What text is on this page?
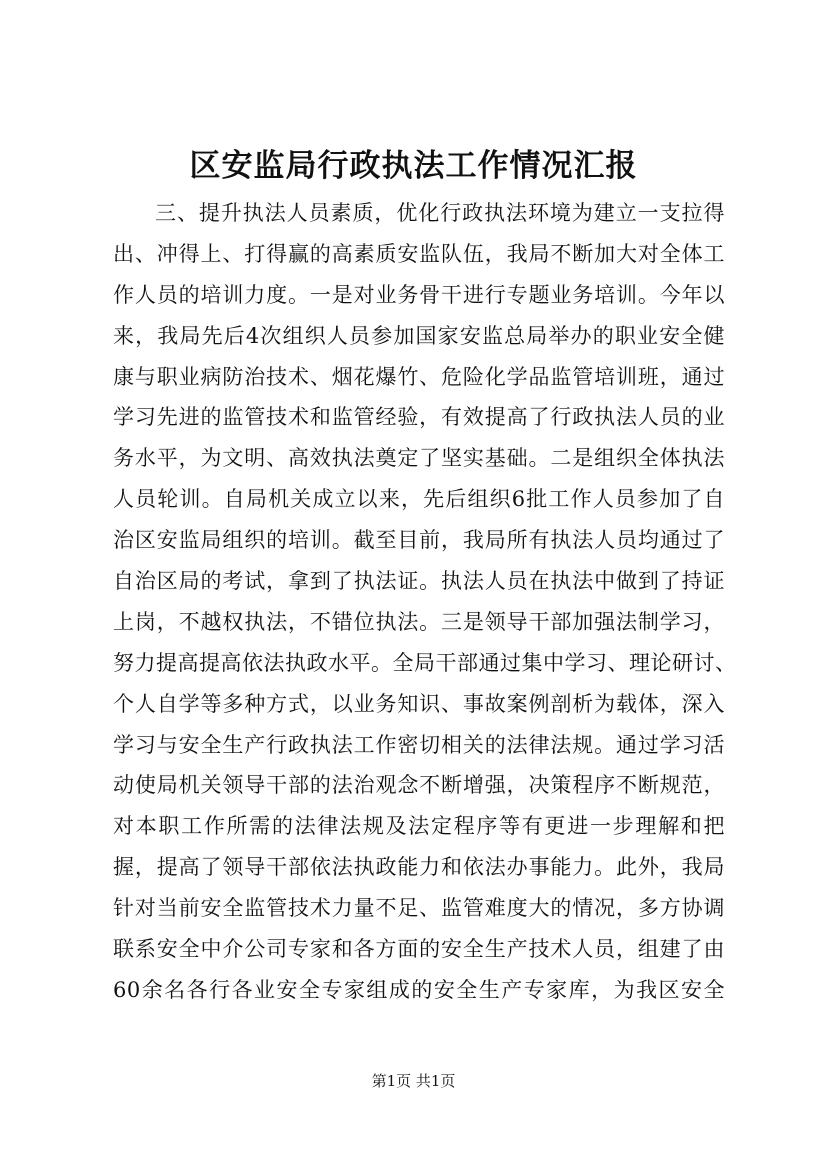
区安监局行政执法工作情况汇报
三、提升执法人员素质，优化行政执法环境为建立一支拉得
出、冲得上、打得赢的高素质安监队伍，我局不断加大对全体工
作人员的培训力度。一是对业务骨干进行专题业务培训。今年以
来，我局先后4次组织人员参加国家安监总局举办的职业安全健
康与职业病防治技术、烟花爆竹、危险化学品监管培训班，通过
学习先进的监管技术和监管经验，有效提高了行政执法人员的业
务水平，为文明、高效执法奠定了坚实基础。二是组织全体执法
人员轮训。自局机关成立以来，先后组织6批工作人员参加了自
治区安监局组织的培训。截至目前，我局所有执法人员均通过了
自治区局的考试，拿到了执法证。执法人员在执法中做到了持证
上岗，不越权执法，不错位执法。三是领导干部加强法制学习，
努力提高提高依法执政水平。全局干部通过集中学习、理论研讨、
个人自学等多种方式，以业务知识、事故案例剖析为载体，深入
学习与安全生产行政执法工作密切相关的法律法规。通过学习活
动使局机关领导干部的法治观念不断增强，决策程序不断规范，
对本职工作所需的法律法规及法定程序等有更进一步理解和把
握，提高了领导干部依法执政能力和依法办事能力。此外，我局
针对当前安全监管技术力量不足、监管难度大的情况，多方协调
联系安全中介公司专家和各方面的安全生产技术人员，组建了由
60余名各行各业安全专家组成的安全生产专家库，为我区安全
第1页 共1页
